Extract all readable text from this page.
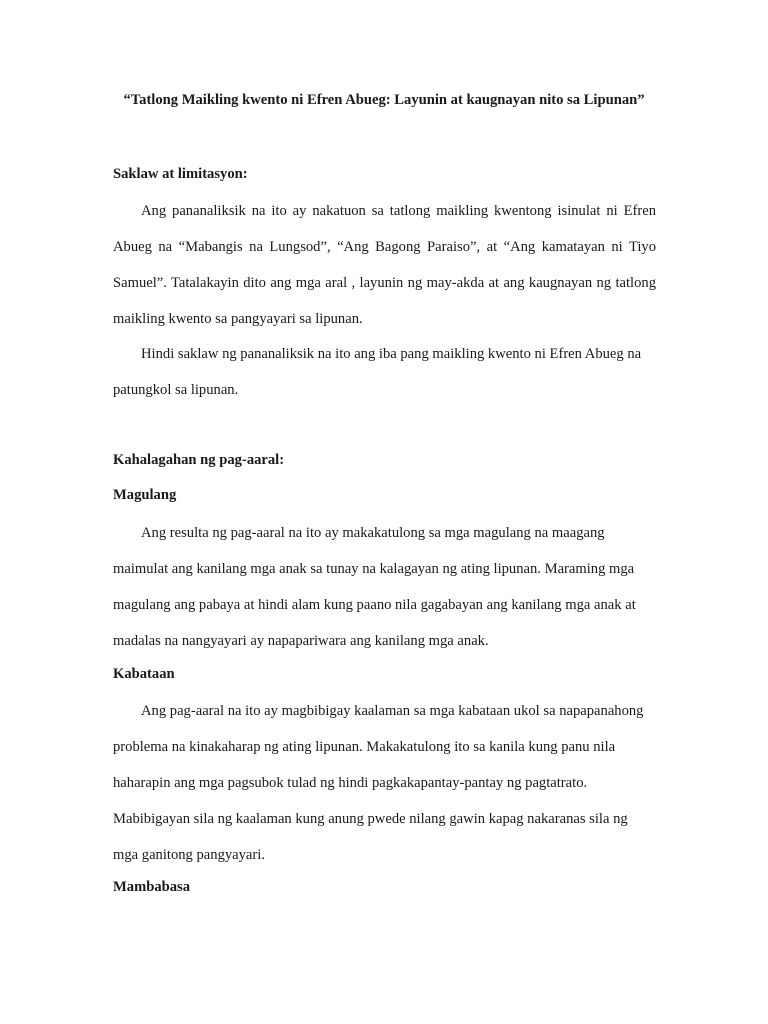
“Tatlong Maikling kwento ni Efren Abueg: Layunin at kaugnayan nito sa Lipunan”
Saklaw at limitasyon:

Ang pananaliksik na ito ay nakatuon sa tatlong maikling kwentong isinulat ni Efren Abueg na “Mabangis na Lungsod”, “Ang Bagong Paraiso”, at “Ang kamatayan ni Tiyo Samuel”. Tatalakayin dito ang mga aral , layunin ng may-akda at ang kaugnayan ng tatlong maikling kwento sa pangyayari sa lipunan.

Hindi saklaw ng pananaliksik na ito ang iba pang maikling kwento ni Efren Abueg na patungkol sa lipunan.

Kahalagahan ng pag-aaral:
Magulang

Ang resulta ng pag-aaral na ito ay makakatulong sa mga magulang na maagang maimulat ang kanilang mga anak sa tunay na kalagayan ng ating lipunan. Maraming mga magulang ang pabaya at hindi alam kung paano nila gagabayan ang kanilang mga anak at madalas na nangyayari ay napapariwara ang kanilang mga anak.

Kabataan

Ang pag-aaral na ito ay magbibigay kaalaman sa mga kabataan ukol sa napapanahong problema na kinakaharap ng ating lipunan. Makakatulong ito sa kanila kung panu nila haharapin ang mga pagsubok tulad ng hindi pagkakapantay-pantay ng pagtatrato. Mabibigayan sila ng kaalaman kung anung pwede nilang gawin kapag nakaranas sila ng mga ganitong pangyayari.

Mambabasa
